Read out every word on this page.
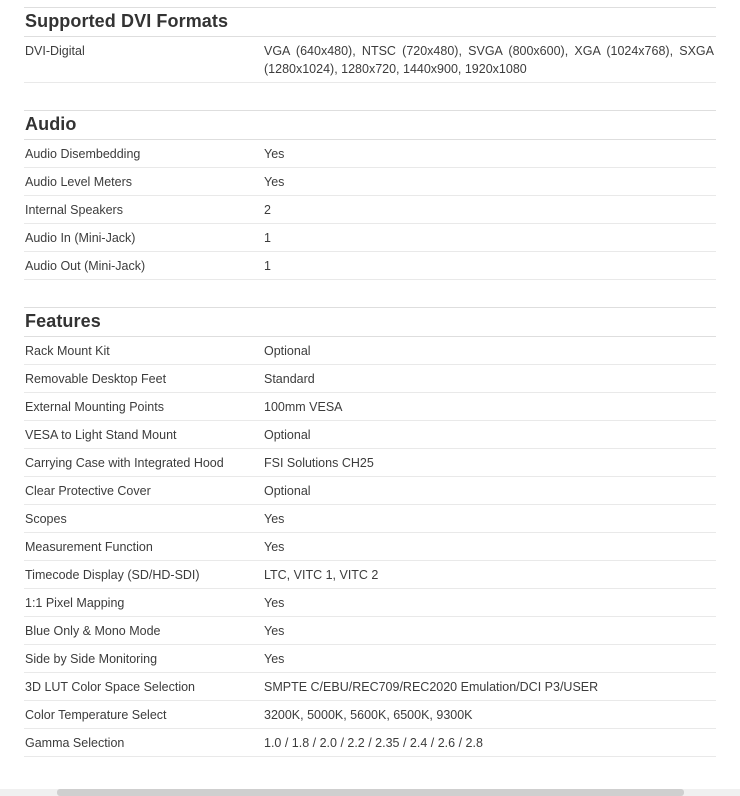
Supported DVI Formats
DVI-Digital	VGA (640x480), NTSC (720x480), SVGA (800x600), XGA (1024x768), SXGA (1280x1024), 1280x720, 1440x900, 1920x1080
Audio
Audio Disembedding	Yes
Audio Level Meters	Yes
Internal Speakers	2
Audio In (Mini-Jack)	1
Audio Out (Mini-Jack)	1
Features
Rack Mount Kit	Optional
Removable Desktop Feet	Standard
External Mounting Points	100mm VESA
VESA to Light Stand Mount	Optional
Carrying Case with Integrated Hood	FSI Solutions CH25
Clear Protective Cover	Optional
Scopes	Yes
Measurement Function	Yes
Timecode Display (SD/HD-SDI)	LTC, VITC 1, VITC 2
1:1 Pixel Mapping	Yes
Blue Only & Mono Mode	Yes
Side by Side Monitoring	Yes
3D LUT Color Space Selection	SMPTE C/EBU/REC709/REC2020 Emulation/DCI P3/USER
Color Temperature Select	3200K, 5000K, 5600K, 6500K, 9300K
Gamma Selection	1.0 / 1.8 / 2.0 / 2.2 / 2.35 / 2.4 / 2.6 / 2.8
